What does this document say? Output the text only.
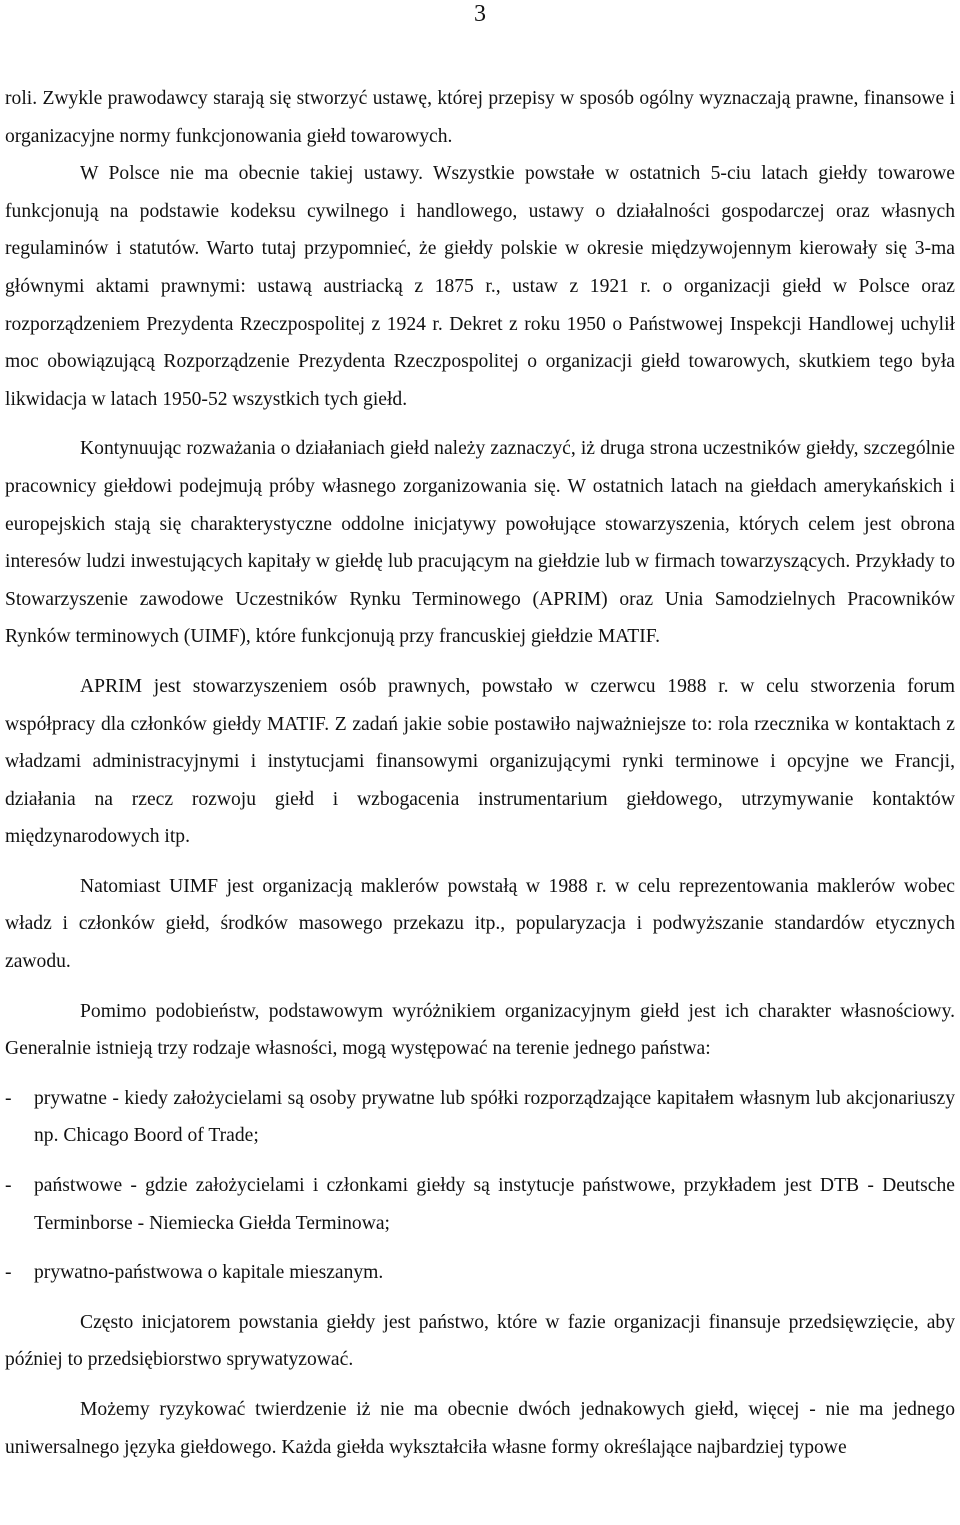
3

roli. Zwykle prawodawcy starają się stworzyć ustawę, której przepisy w sposób ogólny wyznaczają prawne, finansowe i organizacyjne normy funkcjonowania giełd towarowych.

W Polsce nie ma obecnie takiej ustawy. Wszystkie powstałe w ostatnich 5-ciu latach giełdy towarowe funkcjonują na podstawie kodeksu cywilnego i handlowego, ustawy o działalności gospodarczej oraz własnych regulaminów i statutów. Warto tutaj przypomnieć, że giełdy polskie w okresie międzywojennym kierowały się 3-ma głównymi aktami prawnymi: ustawą austriacką z 1875 r., ustaw z 1921 r. o organizacji giełd w Polsce oraz rozporządzeniem Prezydenta Rzeczpospolitej z 1924 r. Dekret z roku 1950 o Państwowej Inspekcji Handlowej uchylił moc obowiązującą Rozporządzenie Prezydenta Rzeczpospolitej o organizacji giełd towarowych, skutkiem tego była likwidacja w latach 1950-52 wszystkich tych giełd.

Kontynuując rozważania o działaniach giełd należy zaznaczyć, iż druga strona uczestników giełdy, szczególnie pracownicy giełdowi podejmują próby własnego zorganizowania się. W ostatnich latach na giełdach amerykańskich i europejskich stają się charakterystyczne oddolne inicjatywy powołujące stowarzyszenia, których celem jest obrona interesów ludzi inwestujących kapitały w giełdę lub pracującym na giełdzie lub w firmach towarzyszących. Przykłady to Stowarzyszenie zawodowe Uczestników Rynku Terminowego (APRIM) oraz Unia Samodzielnych Pracowników Rynków terminowych (UIMF), które funkcjonują przy francuskiej giełdzie MATIF.

APRIM jest stowarzyszeniem osób prawnych, powstało w czerwcu 1988 r. w celu stworzenia forum współpracy dla członków giełdy MATIF. Z zadań jakie sobie postawiło najważniejsze to: rola rzecznika w kontaktach z władzami administracyjnymi i instytucjami finansowymi organizującymi rynki terminowe i opcyjne we Francji, działania na rzecz rozwoju giełd i wzbogacenia instrumentarium giełdowego, utrzymywanie kontaktów międzynarodowych itp.

Natomiast UIMF jest organizacją maklerów powstałą w 1988 r. w celu reprezentowania maklerów wobec władz i członków giełd, środków masowego przekazu itp., popularyzacja i podwyższanie standardów etycznych zawodu.

Pomimo podobieństw, podstawowym wyróżnikiem organizacyjnym giełd jest ich charakter własnościowy. Generalnie istnieją trzy rodzaje własności, mogą występować na terenie jednego państwa:

- prywatne - kiedy założycielami są osoby prywatne lub spółki rozporządzające kapitałem własnym lub akcjonariuszy np. Chicago Boord of Trade;

- państwowe - gdzie założycielami i członkami giełdy są instytucje państwowe, przykładem jest DTB - Deutsche Terminborse - Niemiecka Giełda Terminowa;

- prywatno-państwowa o kapitale mieszanym.

Często inicjatorem powstania giełdy jest państwo, które w fazie organizacji finansuje przedsięwzięcie, aby później to przedsiębiorstwo sprywatyzować.

Możemy ryzykować twierdzenie iż nie ma obecnie dwóch jednakowych giełd, więcej - nie ma jednego uniwersalnego języka giełdowego. Każda giełda wykształciła własne formy określające najbardziej typowe
